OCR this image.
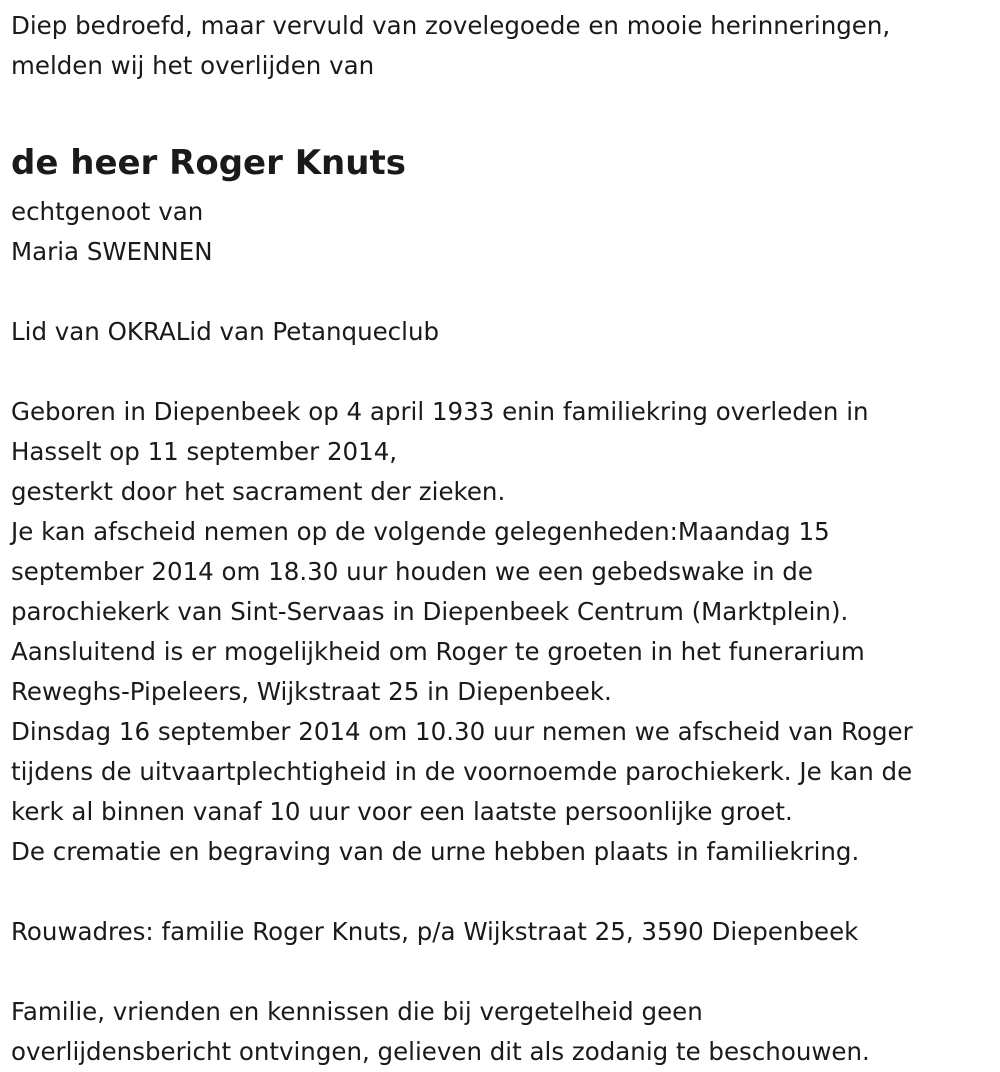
Diep bedroefd, maar vervuld van zovelegoede en mooie herinneringen,
melden wij het overlijden van
de heer Roger Knuts
echtgenoot van
Maria SWENNEN
Lid van OKRALid van Petanqueclub
Geboren in Diepenbeek op 4 april 1933 enin familiekring overleden in
Hasselt op 11 september 2014,
gesterkt door het sacrament der zieken.
Je kan afscheid nemen op de volgende gelegenheden:Maandag 15
september 2014 om 18.30 uur houden we een gebedswake in de
parochiekerk van Sint-Servaas in Diepenbeek Centrum (Marktplein).
Aansluitend is er mogelijkheid om Roger te groeten in het funerarium
Reweghs-Pipeleers, Wijkstraat 25 in Diepenbeek.
Dinsdag 16 september 2014 om 10.30 uur nemen we afscheid van Roger
tijdens de uitvaartplechtigheid in de voornoemde parochiekerk. Je kan de
kerk al binnen vanaf 10 uur voor een laatste persoonlijke groet.
De crematie en begraving van de urne hebben plaats in familiekring.
Rouwadres: familie Roger Knuts, p/a Wijkstraat 25, 3590 Diepenbeek
Familie, vrienden en kennissen die bij vergetelheid geen
overlijdensbericht ontvingen, gelieven dit als zodanig te beschouwen.
